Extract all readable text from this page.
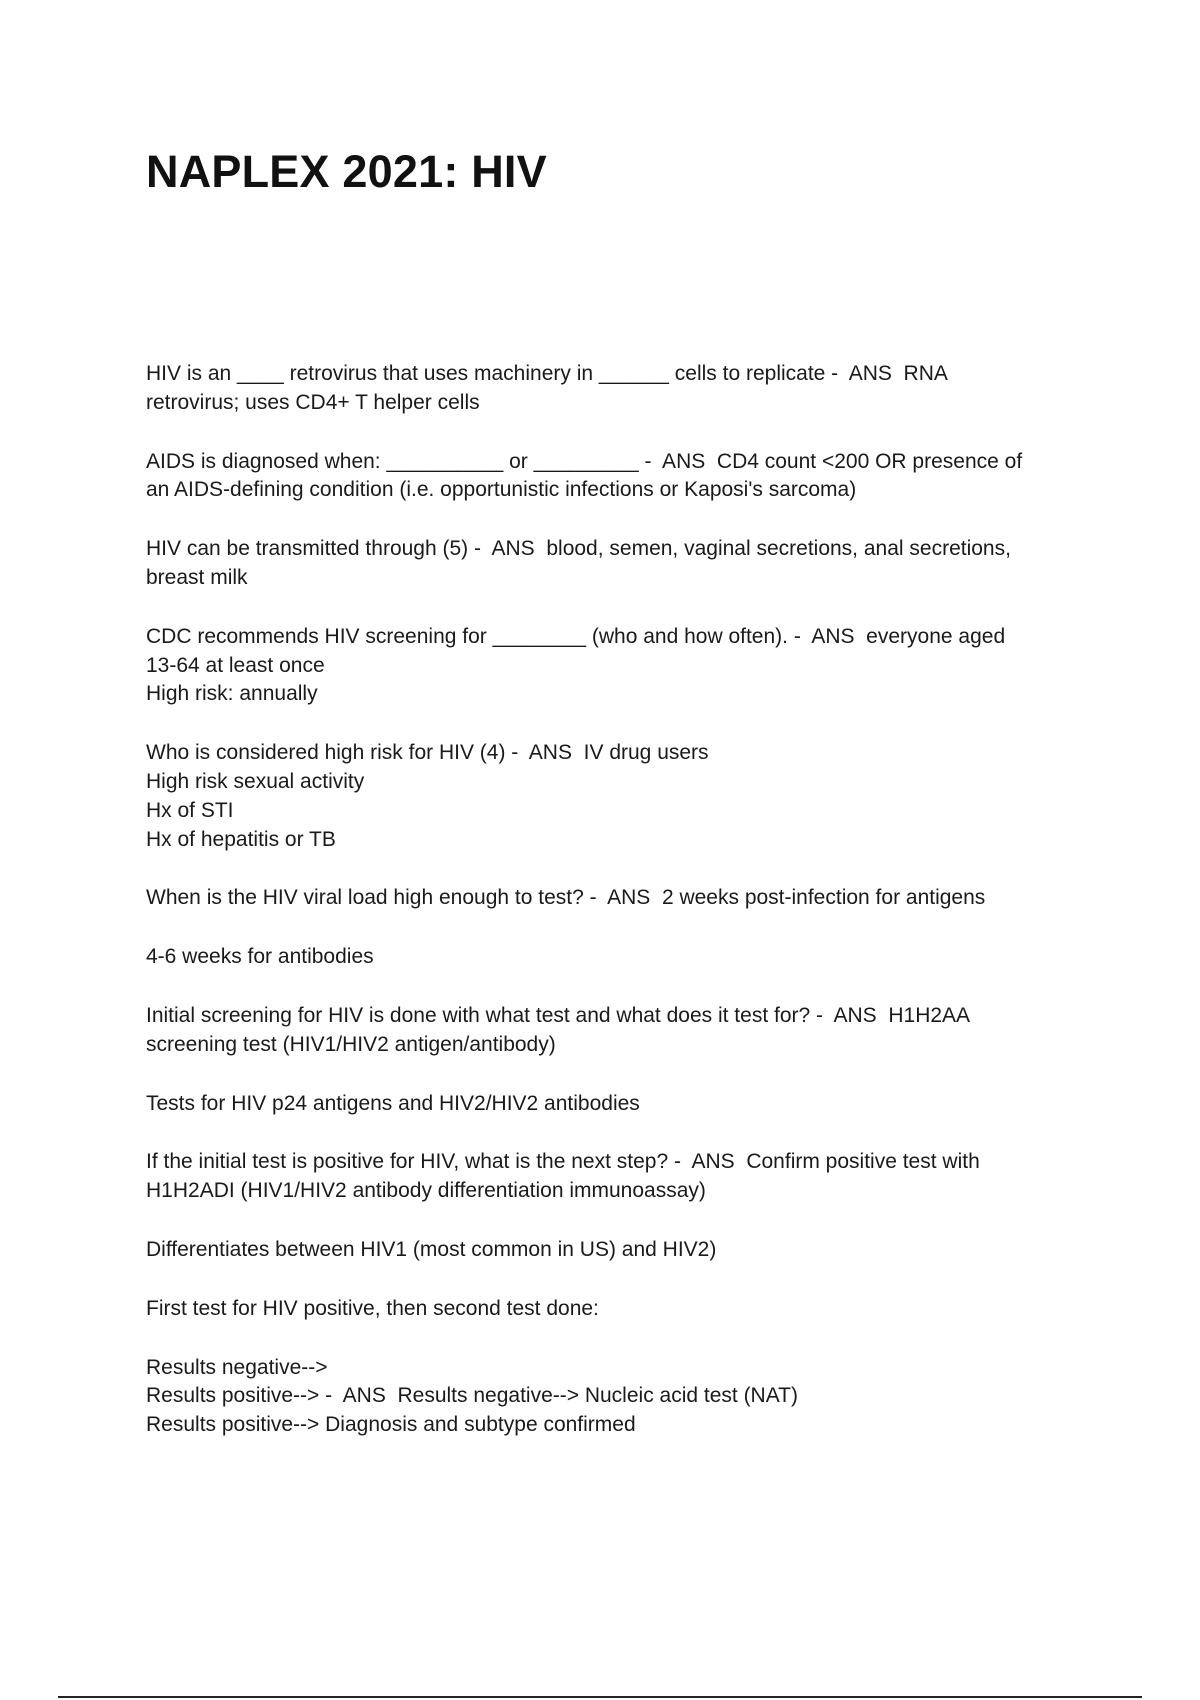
NAPLEX 2021: HIV
HIV is an ____ retrovirus that uses machinery in ______ cells to replicate -  ANS  RNA
retrovirus; uses CD4+ T helper cells
AIDS is diagnosed when: __________ or _________ -  ANS  CD4 count <200 OR presence of
an AIDS-defining condition (i.e. opportunistic infections or Kaposi's sarcoma)
HIV can be transmitted through (5) -  ANS  blood, semen, vaginal secretions, anal secretions,
breast milk
CDC recommends HIV screening for ________ (who and how often). -  ANS  everyone aged
13-64 at least once
High risk: annually
Who is considered high risk for HIV (4) -  ANS  IV drug users
High risk sexual activity
Hx of STI
Hx of hepatitis or TB
When is the HIV viral load high enough to test? -  ANS  2 weeks post-infection for antigens
4-6 weeks for antibodies
Initial screening for HIV is done with what test and what does it test for? -  ANS  H1H2AA
screening test (HIV1/HIV2 antigen/antibody)
Tests for HIV p24 antigens and HIV2/HIV2 antibodies
If the initial test is positive for HIV, what is the next step? -  ANS  Confirm positive test with
H1H2ADI (HIV1/HIV2 antibody differentiation immunoassay)
Differentiates between HIV1 (most common in US) and HIV2)
First test for HIV positive, then second test done:
Results negative-->
Results positive--> -  ANS  Results negative--> Nucleic acid test (NAT)
Results positive--> Diagnosis and subtype confirmed
